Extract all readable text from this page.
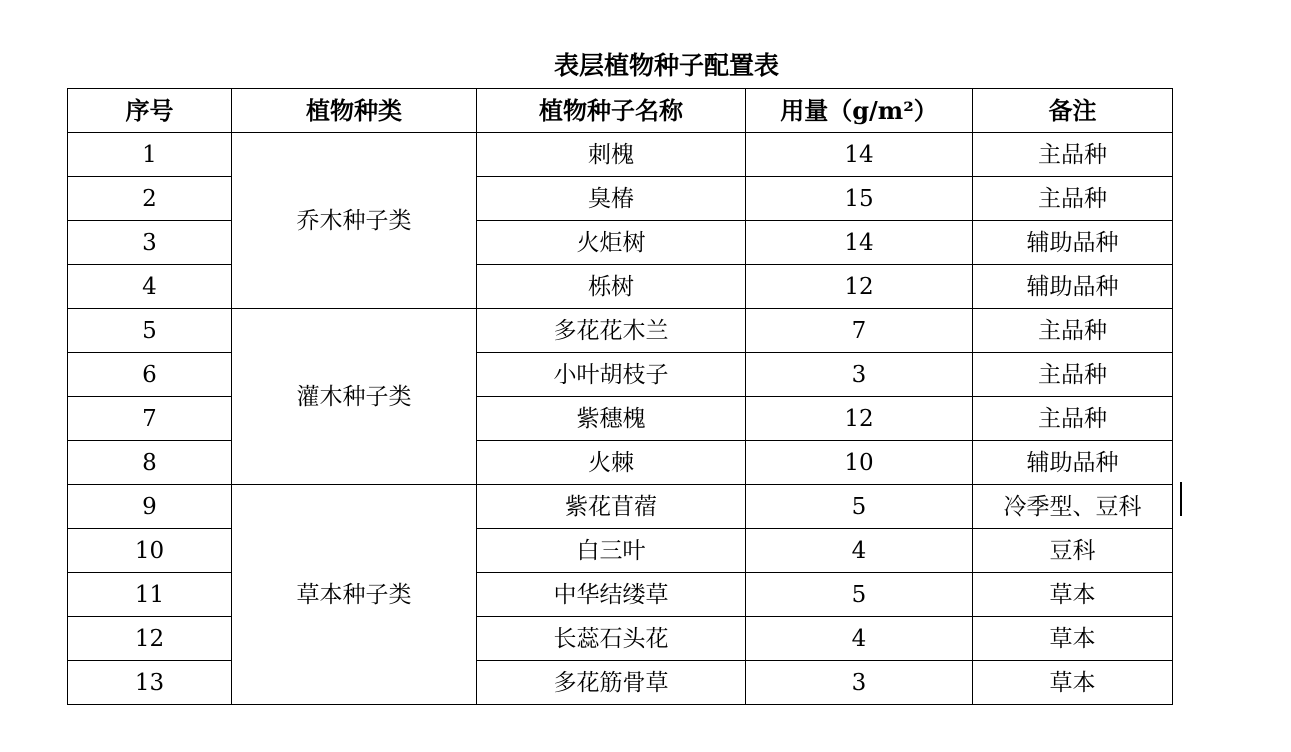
表层植物种子配置表
序号	植物种类	植物种子名称	用量（g/m²）	备注
1	乔木种子类	刺槐	14	主品种
2		臭椿	15	主品种
3		火炬树	14	辅助品种
4		栎树	12	辅助品种
5	灌木种子类	多花花木兰	7	主品种
6		小叶胡枝子	3	主品种
7		紫穗槐	12	主品种
8		火棘	10	辅助品种
9	草本种子类	紫花苜蓿	5	冷季型、豆科
10		白三叶	4	豆科
11		中华结缕草	5	草本
12		长蕊石头花	4	草本
13		多花筋骨草	3	草本
